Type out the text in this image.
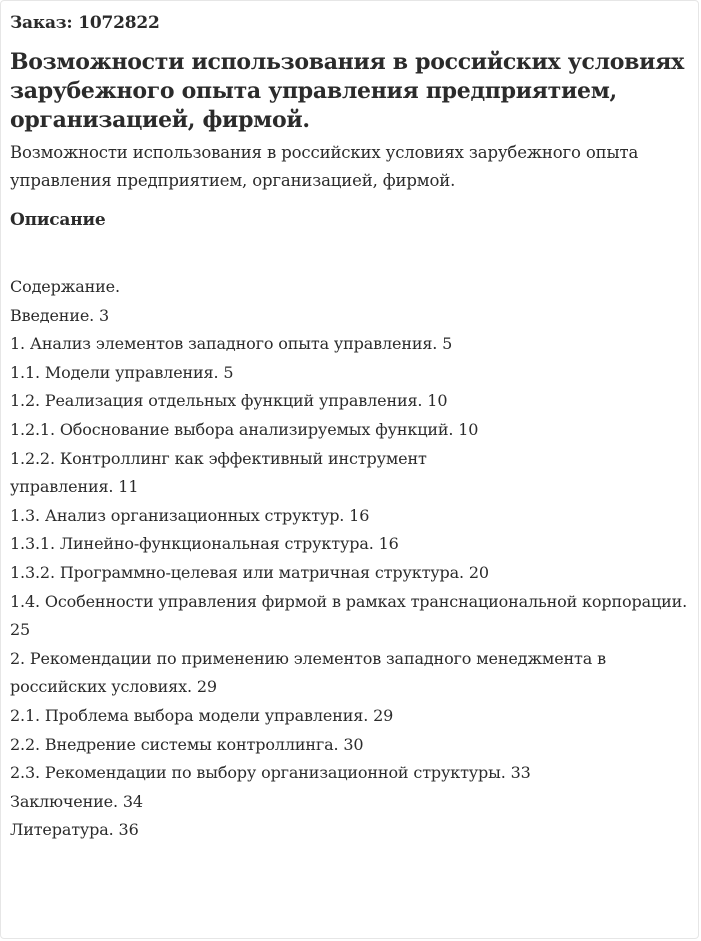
Заказ: 1072822
Возможности использования в российских условиях зарубежного опыта управления предприятием, организацией, фирмой.

Возможности использования в российских условиях зарубежного опыта управления предприятием, организацией, фирмой.

Описание
Содержание.
Введение. 3
1. Анализ элементов западного опыта управления. 5
1.1. Модели управления. 5
1.2. Реализация отдельных функций управления. 10
1.2.1. Обоснование выбора анализируемых функций. 10
1.2.2. Контроллинг как эффективный инструмент управления. 11
1.3. Анализ организационных структур. 16
1.3.1. Линейно-функциональная структура. 16
1.3.2. Программно-целевая или матричная структура. 20
1.4. Особенности управления фирмой в рамках транснациональной корпорации. 25
2. Рекомендации по применению элементов западного менеджмента в российских условиях. 29
2.1. Проблема выбора модели управления. 29
2.2. Внедрение системы контроллинга. 30
2.3. Рекомендации по выбору организационной структуры. 33
Заключение. 34
Литература. 36
